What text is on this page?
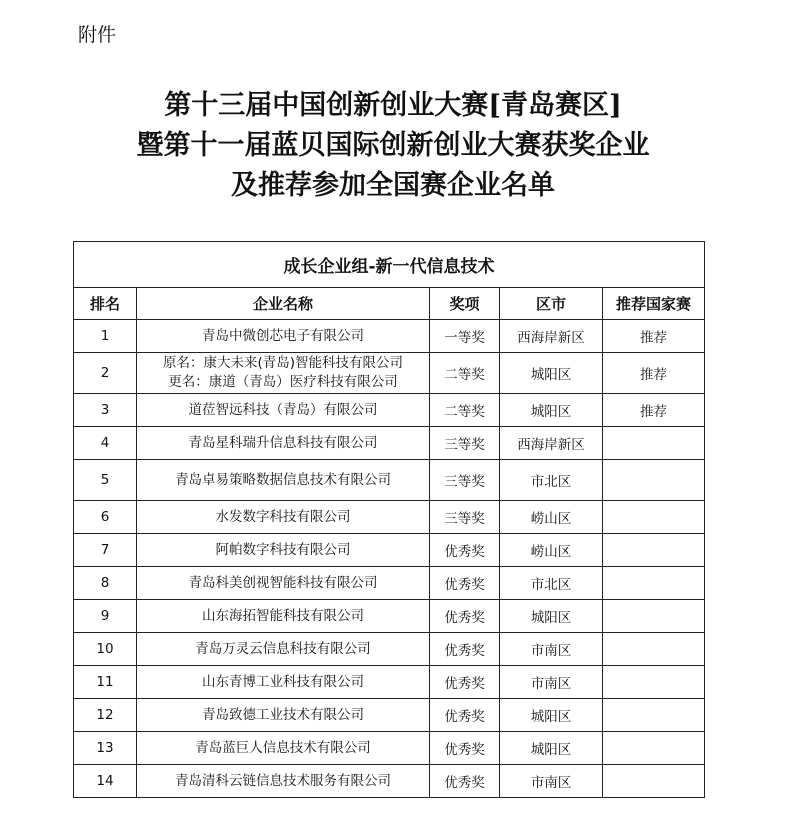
附件
第十三届中国创新创业大赛[青岛赛区]
暨第十一届蓝贝国际创新创业大赛获奖企业
及推荐参加全国赛企业名单
成长企业组-新一代信息技术				
排名	企业名称	奖项	区市	推荐国家赛
1	青岛中微创芯电子有限公司	一等奖	西海岸新区	推荐
2	原名：康大未来(青岛)智能科技有限公司
更名：康道（青岛）医疗科技有限公司	二等奖	城阳区	推荐
3	道莅智远科技（青岛）有限公司	二等奖	城阳区	推荐
4	青岛星科瑞升信息科技有限公司	三等奖	西海岸新区	
5	青岛卓易策略数据信息技术有限公司	三等奖	市北区	
6	水发数字科技有限公司	三等奖	崂山区	
7	阿帕数字科技有限公司	优秀奖	崂山区	
8	青岛科美创视智能科技有限公司	优秀奖	市北区	
9	山东海拓智能科技有限公司	优秀奖	城阳区	
10	青岛万灵云信息科技有限公司	优秀奖	市南区	
11	山东青博工业科技有限公司	优秀奖	市南区	
12	青岛致德工业技术有限公司	优秀奖	城阳区	
13	青岛蓝巨人信息技术有限公司	优秀奖	城阳区	
14	青岛清科云链信息技术服务有限公司	优秀奖	市南区	
